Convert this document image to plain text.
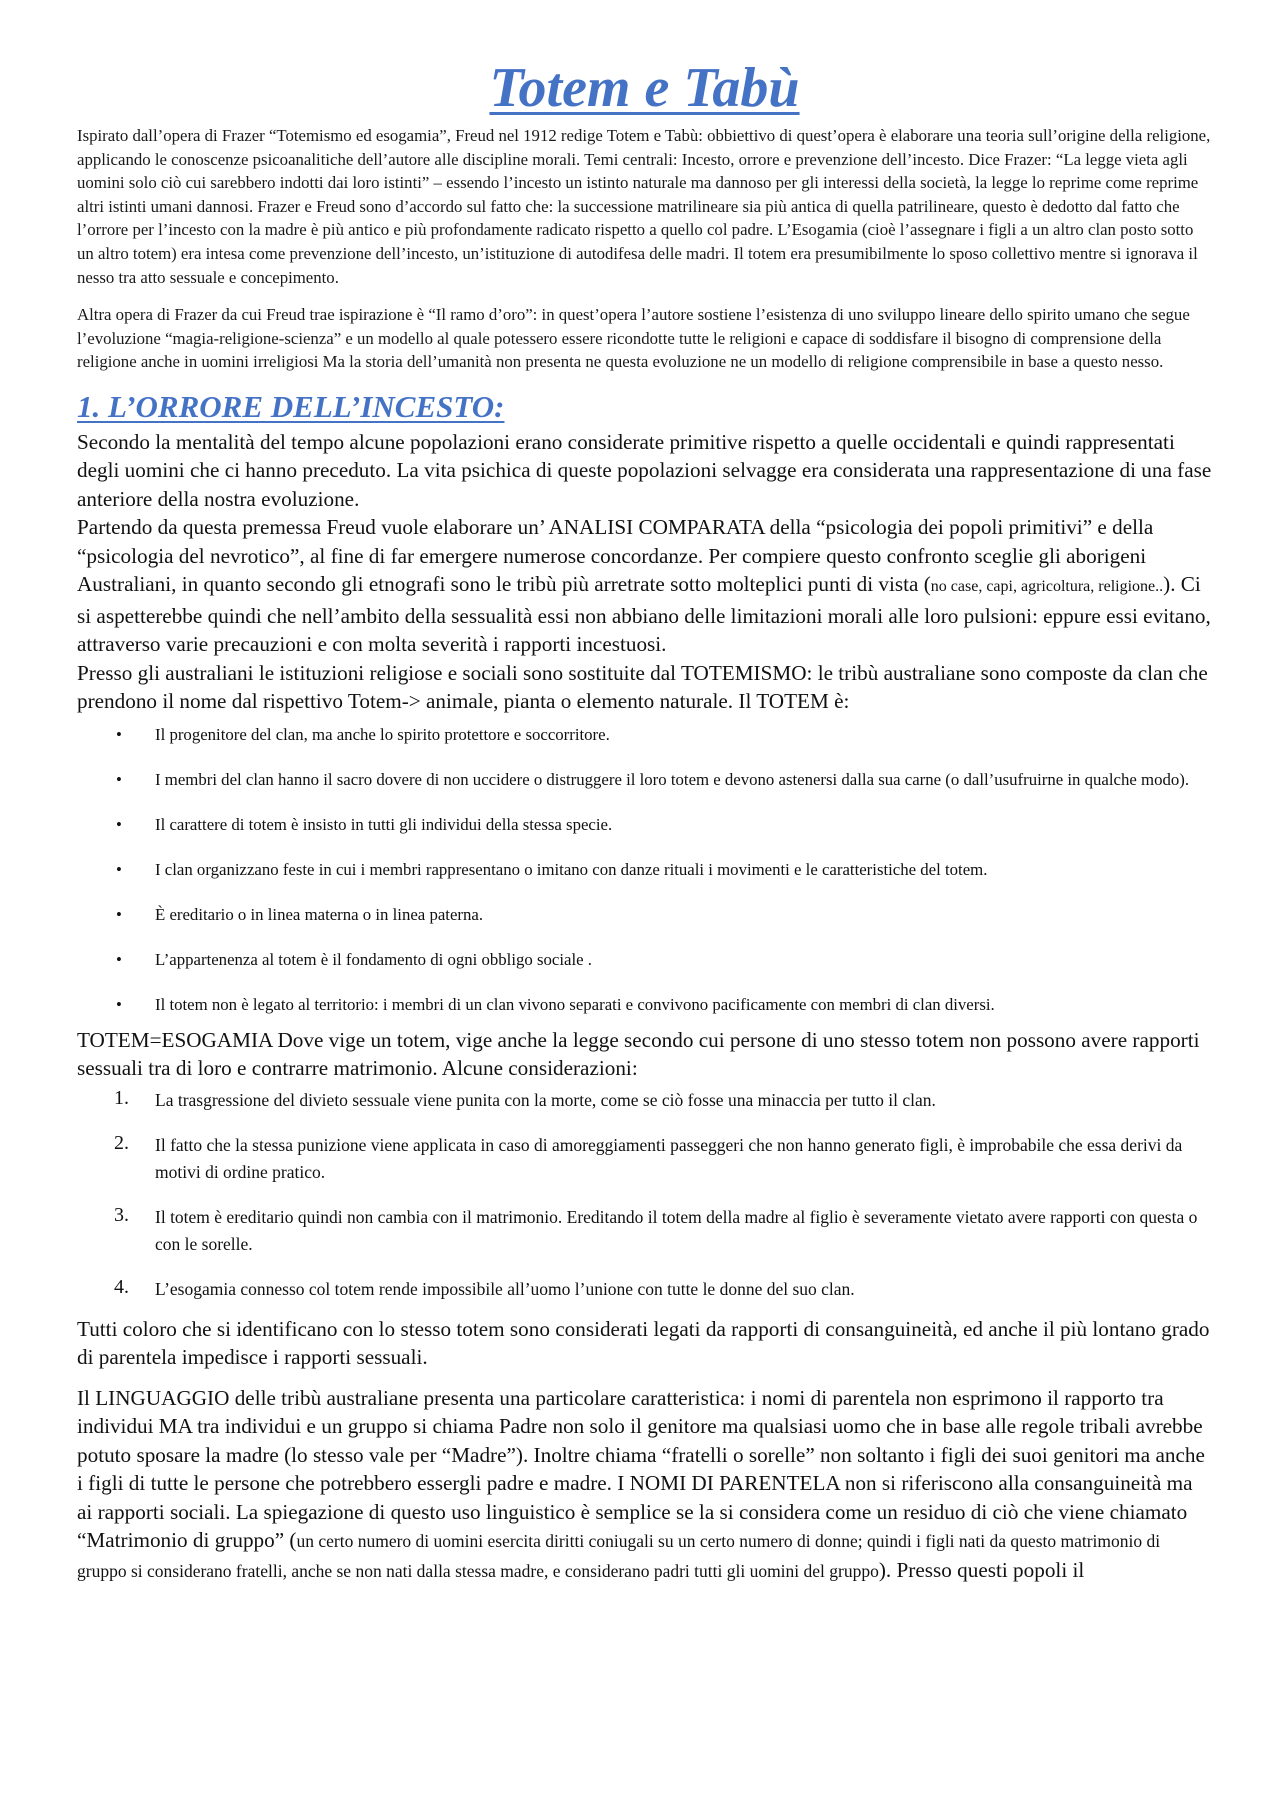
Totem e Tabù

Ispirato dall’opera di Frazer “Totemismo ed esogamia”, Freud nel 1912 redige Totem e Tabù: obbiettivo di quest’opera è elaborare una teoria sull’origine della religione, applicando le conoscenze psicoanalitiche dell’autore alle discipline morali. Temi centrali: Incesto, orrore e prevenzione dell’incesto. Dice Frazer: “La legge vieta agli uomini solo ciò cui sarebbero indotti dai loro istinti” – essendo l’incesto un istinto naturale ma dannoso per gli interessi della società, la legge lo reprime come reprime altri istinti umani dannosi. Frazer e Freud sono d’accordo sul fatto che: la successione matrilineare sia più antica di quella patrilineare, questo è dedotto dal fatto che l’orrore per l’incesto con la madre è più antico e più profondamente radicato rispetto a quello col padre. L’Esogamia (cioè l’assegnare i figli a un altro clan posto sotto un altro totem) era intesa come prevenzione dell’incesto, un’istituzione di autodifesa delle madri. Il totem era presumibilmente lo sposo collettivo mentre si ignorava il nesso tra atto sessuale e concepimento.

Altra opera di Frazer da cui Freud trae ispirazione è “Il ramo d’oro”: in quest’opera l’autore sostiene l’esistenza di uno sviluppo lineare dello spirito umano che segue l’evoluzione “magia-religione-scienza” e un modello al quale potessero essere ricondotte tutte le religioni e capace di soddisfare il bisogno di comprensione della religione anche in uomini irreligiosi Ma la storia dell’umanità non presenta ne questa evoluzione ne un modello di religione comprensibile in base a questo nesso.

1. L’ORRORE DELL’INCESTO:

Secondo la mentalità del tempo alcune popolazioni erano considerate primitive rispetto a quelle occidentali e quindi rappresentati degli uomini che ci hanno preceduto. La vita psichica di queste popolazioni selvagge era considerata una rappresentazione di una fase anteriore della nostra evoluzione.

Partendo da questa premessa Freud vuole elaborare un’ ANALISI COMPARATA della “psicologia dei popoli primitivi” e della “psicologia del nevrotico”, al fine di far emergere numerose concordanze. Per compiere questo confronto sceglie gli aborigeni Australiani, in quanto secondo gli etnografi sono le tribù più arretrate sotto molteplici punti di vista (no case, capi, agricoltura, religione..). Ci si aspetterebbe quindi che nell’ambito della sessualità essi non abbiano delle limitazioni morali alle loro pulsioni: eppure essi evitano, attraverso varie precauzioni e con molta severità i rapporti incestuosi.

Presso gli australiani le istituzioni religiose e sociali sono sostituite dal TOTEMISMO: le tribù australiane sono composte da clan che prendono il nome dal rispettivo Totem-> animale, pianta o elemento naturale. Il TOTEM è:

• Il progenitore del clan, ma anche lo spirito protettore e soccorritore.
• I membri del clan hanno il sacro dovere di non uccidere o distruggere il loro totem e devono astenersi dalla sua carne (o dall’usufruirne in qualche modo).
• Il carattere di totem è insisto in tutti gli individui della stessa specie.
• I clan organizzano feste in cui i membri rappresentano o imitano con danze rituali i movimenti e le caratteristiche del totem.
• È ereditario o in linea materna o in linea paterna.
• L’appartenenza al totem è il fondamento di ogni obbligo sociale .
• Il totem non è legato al territorio: i membri di un clan vivono separati e convivono pacificamente con membri di clan diversi.

TOTEM=ESOGAMIA Dove vige un totem, vige anche la legge secondo cui persone di uno stesso totem non possono avere rapporti sessuali tra di loro e contrarre matrimonio. Alcune considerazioni:

1. La trasgressione del divieto sessuale viene punita con la morte, come se ciò fosse una minaccia per tutto il clan.
2. Il fatto che la stessa punizione viene applicata in caso di amoreggiamenti passeggeri che non hanno generato figli, è improbabile che essa derivi da motivi di ordine pratico.
3. Il totem è ereditario quindi non cambia con il matrimonio. Ereditando il totem della madre al figlio è severamente vietato avere rapporti con questa o con le sorelle.
4. L’esogamia connesso col totem rende impossibile all’uomo l’unione con tutte le donne del suo clan.

Tutti coloro che si identificano con lo stesso totem sono considerati legati da rapporti di consanguineità, ed anche il più lontano grado di parentela impedisce i rapporti sessuali.

Il LINGUAGGIO delle tribù australiane presenta una particolare caratteristica: i nomi di parentela non esprimono il rapporto tra individui MA tra individui e un gruppo si chiama Padre non solo il genitore ma qualsiasi uomo che in base alle regole tribali avrebbe potuto sposare la madre (lo stesso vale per “Madre”). Inoltre chiama “fratelli o sorelle” non soltanto i figli dei suoi genitori ma anche i figli di tutte le persone che potrebbero essergli padre e madre. I NOMI DI PARENTELA non si riferiscono alla consanguineità ma ai rapporti sociali. La spiegazione di questo uso linguistico è semplice se la si considera come un residuo di ciò che viene chiamato “Matrimonio di gruppo” (un certo numero di uomini esercita diritti coniugali su un certo numero di donne; quindi i figli nati da questo matrimonio di gruppo si considerano fratelli, anche se non nati dalla stessa madre, e considerano padri tutti gli uomini del gruppo). Presso questi popoli il
